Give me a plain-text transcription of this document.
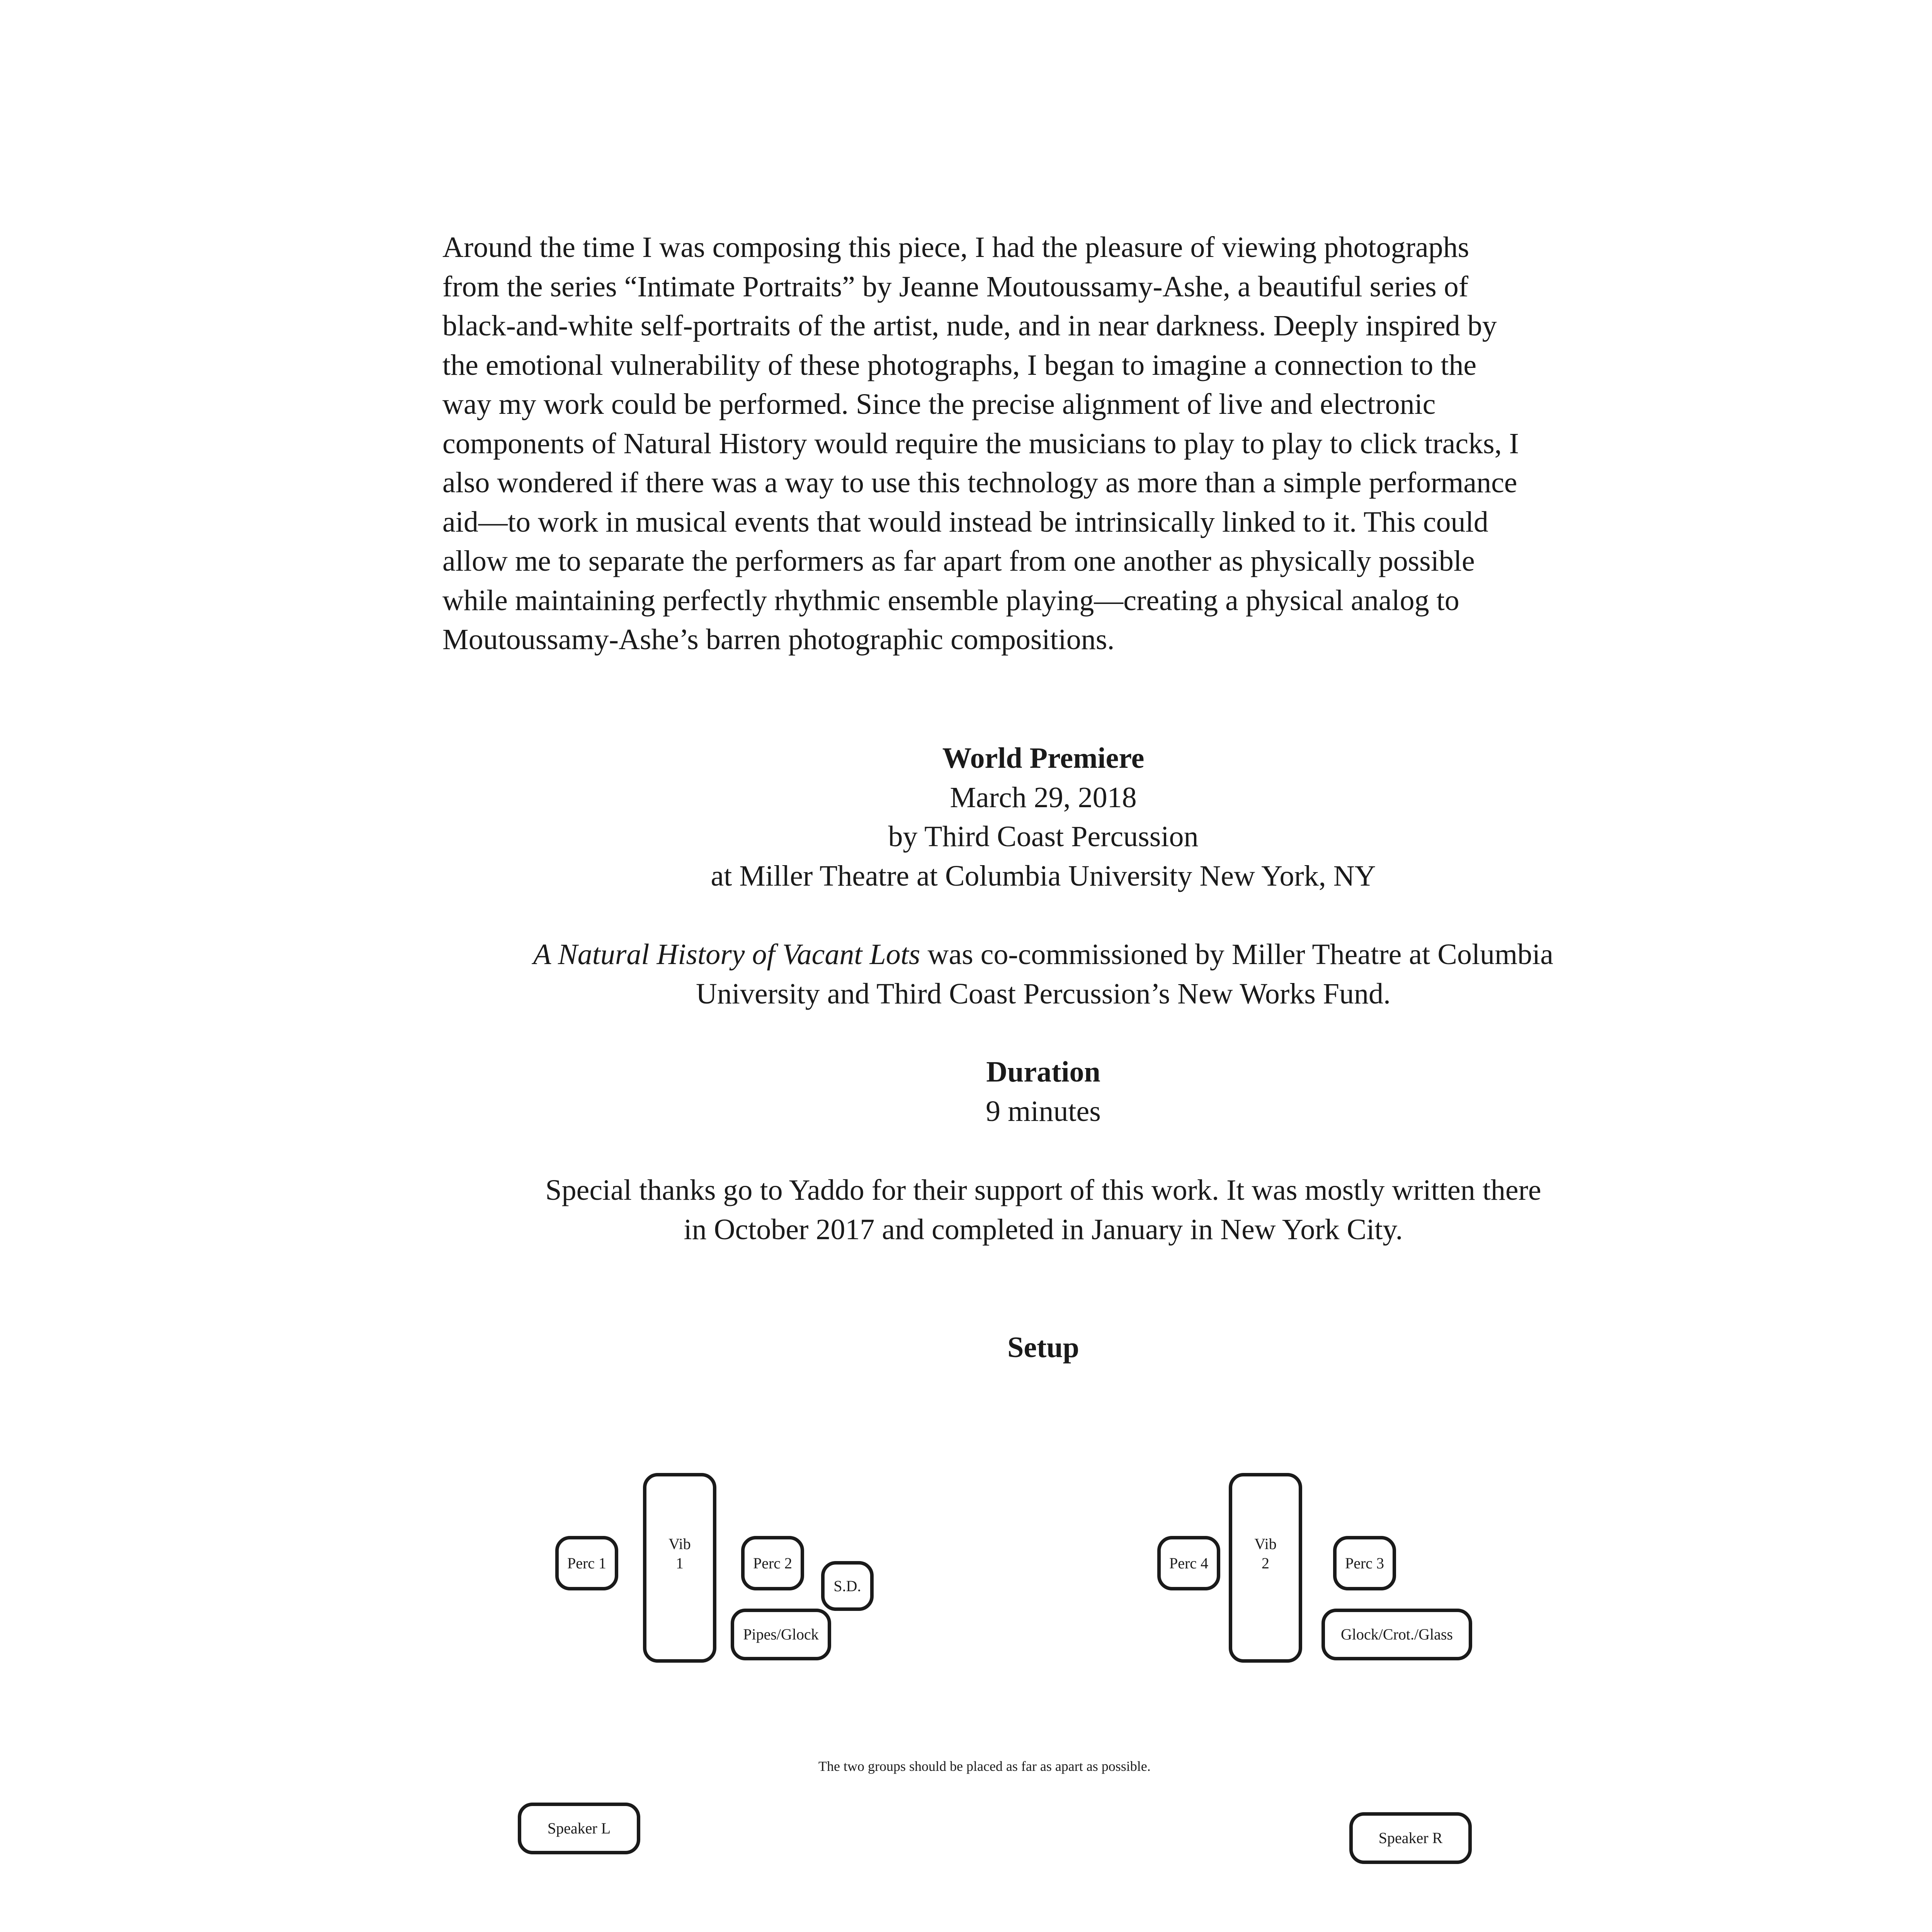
Around the time I was composing this piece, I had the pleasure of viewing photographs
from the series “Intimate Portraits” by Jeanne Moutoussamy-Ashe, a beautiful series of
black-and-white self-portraits of the artist, nude, and in near darkness. Deeply inspired by
the emotional vulnerability of these photographs, I began to imagine a connection to the
way my work could be performed. Since the precise alignment of live and electronic
components of Natural History would require the musicians to play to play to click tracks, I
also wondered if there was a way to use this technology as more than a simple performance
aid—to work in musical events that would instead be intrinsically linked to it. This could
allow me to separate the performers as far apart from one another as physically possible
while maintaining perfectly rhythmic ensemble playing—creating a physical analog to
Moutoussamy-Ashe’s barren photographic compositions.
World Premiere
March 29, 2018
by Third Coast Percussion
at Miller Theatre at Columbia University New York, NY
A Natural History of Vacant Lots was co-commissioned by Miller Theatre at Columbia
University and Third Coast Percussion’s New Works Fund.
Duration
9 minutes
Special thanks go to Yaddo for their support of this work. It was mostly written there
in October 2017 and completed in January in New York City.
Setup
Perc 1
Vib
1	Perc 2
S.D.
Pipes/Glock
Perc 4
Vib
2	Perc 3
Glock/Crot./Glass
The two groups should be placed as far as apart as possible.
Speaker L
Speaker R
